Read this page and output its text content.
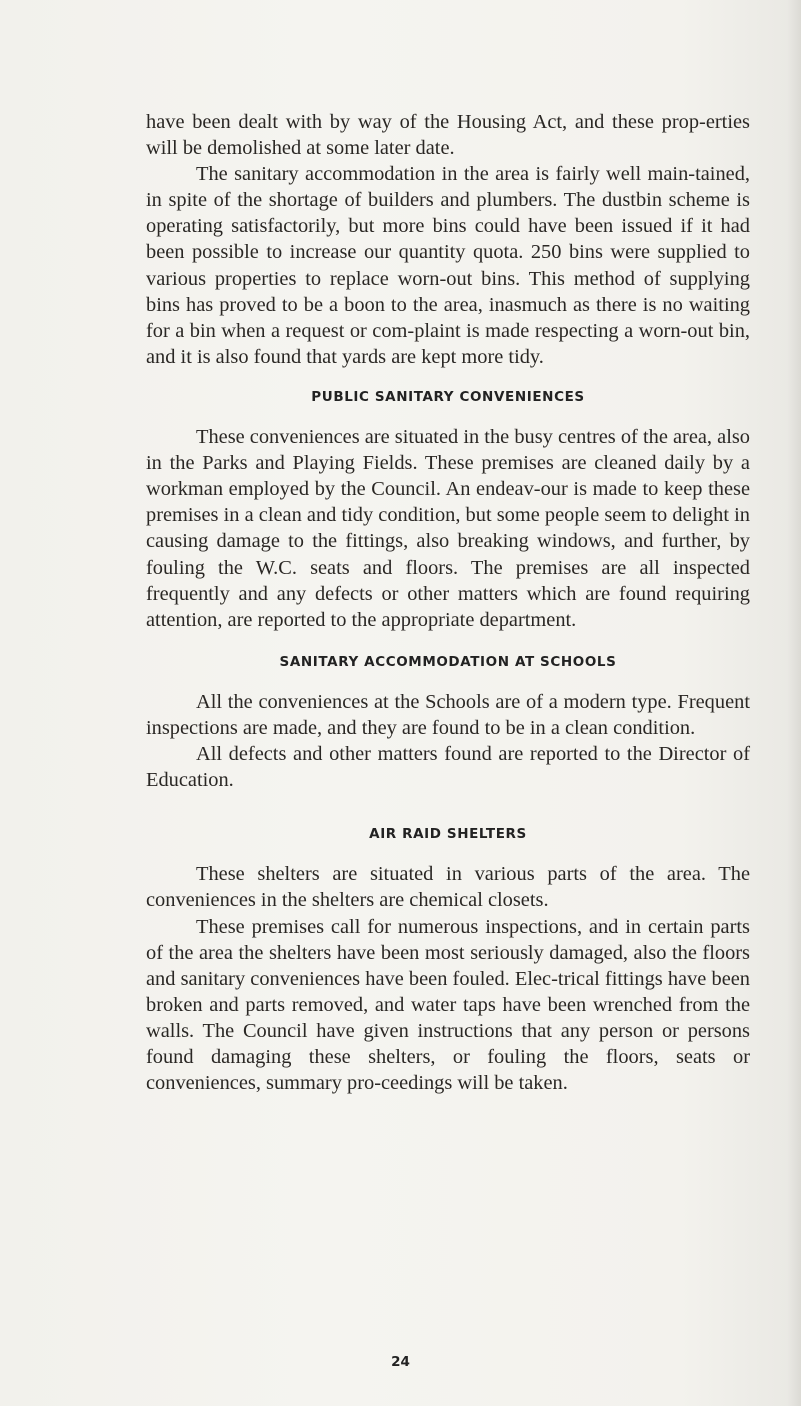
have been dealt with by way of the Housing Act, and these prop-erties will be demolished at some later date.

The sanitary accommodation in the area is fairly well main-tained, in spite of the shortage of builders and plumbers. The dustbin scheme is operating satisfactorily, but more bins could have been issued if it had been possible to increase our quantity quota. 250 bins were supplied to various properties to replace worn-out bins. This method of supplying bins has proved to be a boon to the area, inasmuch as there is no waiting for a bin when a request or com-plaint is made respecting a worn-out bin, and it is also found that yards are kept more tidy.

PUBLIC SANITARY CONVENIENCES

These conveniences are situated in the busy centres of the area, also in the Parks and Playing Fields. These premises are cleaned daily by a workman employed by the Council. An endeav-our is made to keep these premises in a clean and tidy condition, but some people seem to delight in causing damage to the fittings, also breaking windows, and further, by fouling the W.C. seats and floors. The premises are all inspected frequently and any defects or other matters which are found requiring attention, are reported to the appropriate department.

SANITARY ACCOMMODATION AT SCHOOLS

All the conveniences at the Schools are of a modern type. Frequent inspections are made, and they are found to be in a clean condition.

All defects and other matters found are reported to the Director of Education.

AIR RAID SHELTERS

These shelters are situated in various parts of the area. The conveniences in the shelters are chemical closets.

These premises call for numerous inspections, and in certain parts of the area the shelters have been most seriously damaged, also the floors and sanitary conveniences have been fouled. Elec-trical fittings have been broken and parts removed, and water taps have been wrenched from the walls. The Council have given instructions that any person or persons found damaging these shelters, or fouling the floors, seats or conveniences, summary pro-ceedings will be taken.

24
